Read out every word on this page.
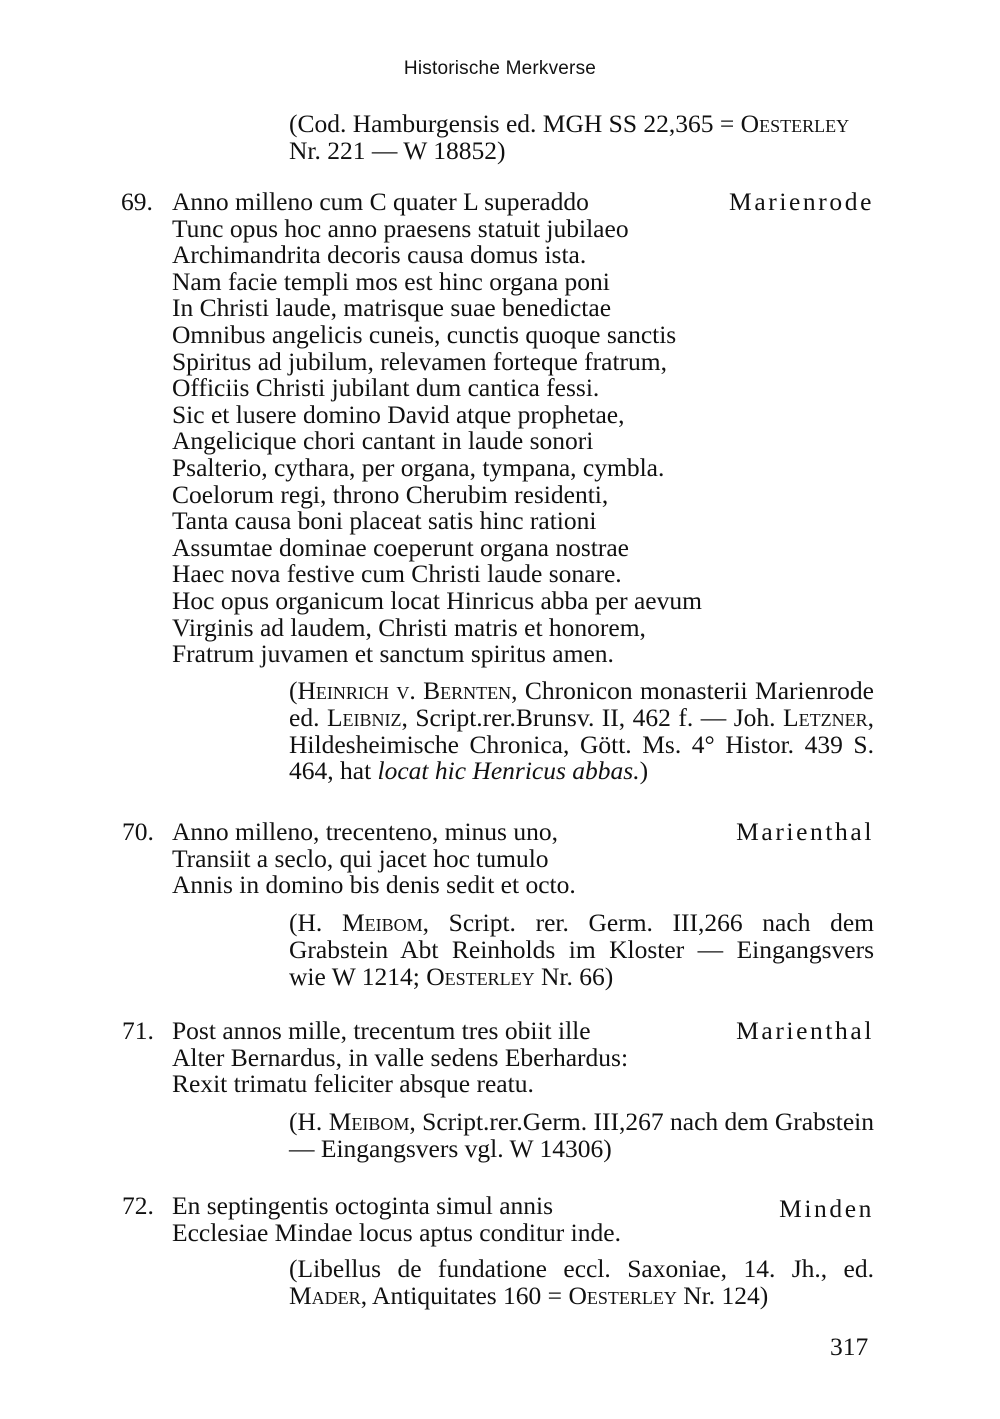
Historische Merkverse
(Cod. Hamburgensis ed. MGH SS 22,365 = Oesterley
Nr. 221 — W 18852)
69.	Marienrode
Anno milleno cum C quater L superaddo
Tunc opus hoc anno praesens statuit jubilaeo
Archimandrita decoris causa domus ista.
Nam facie templi mos est hinc organa poni
In Christi laude, matrisque suae benedictae
Omnibus angelicis cuneis, cunctis quoque sanctis
Spiritus ad jubilum, relevamen forteque fratrum,
Officiis Christi jubilant dum cantica fessi.
Sic et lusere domino David atque prophetae,
Angelicique chori cantant in laude sonori
Psalterio, cythara, per organa, tympana, cymbla.
Coelorum regi, throno Cherubim residenti,
Tanta causa boni placeat satis hinc rationi
Assumtae dominae coeperunt organa nostrae
Haec nova festive cum Christi laude sonare.
Hoc opus organicum locat Hinricus abba per aevum
Virginis ad laudem, Christi matris et honorem,
Fratrum juvamen et sanctum spiritus amen.
(Heinrich v. Bernten, Chronicon monasterii Marienrode ed. Leibniz, Script.rer.Brunsv. II, 462 f. — Joh. Letzner, Hildesheimische Chronica, Gött. Ms. 4° Histor. 439 S. 464, hat locat hic Henricus abbas.)
70.	Marienthal
Anno milleno, trecenteno, minus uno,
Transiit a seclo, qui jacet hoc tumulo
Annis in domino bis denis sedit et octo.
(H. Meibom, Script. rer. Germ. III,266 nach dem Grabstein Abt Reinholds im Kloster — Eingangsvers wie W 1214; Oesterley Nr. 66)
71.	Marienthal
Post annos mille, trecentum tres obiit ille
Alter Bernardus, in valle sedens Eberhardus:
Rexit trimatu feliciter absque reatu.
(H. Meibom, Script.rer.Germ. III,267 nach dem Grabstein — Eingangsvers vgl. W 14306)
72.	Minden
En septingentis octoginta simul annis
Ecclesiae Mindae locus aptus conditur inde.
(Libellus de fundatione eccl. Saxoniae, 14. Jh., ed. Mader, Antiquitates 160 = Oesterley Nr. 124)
317
